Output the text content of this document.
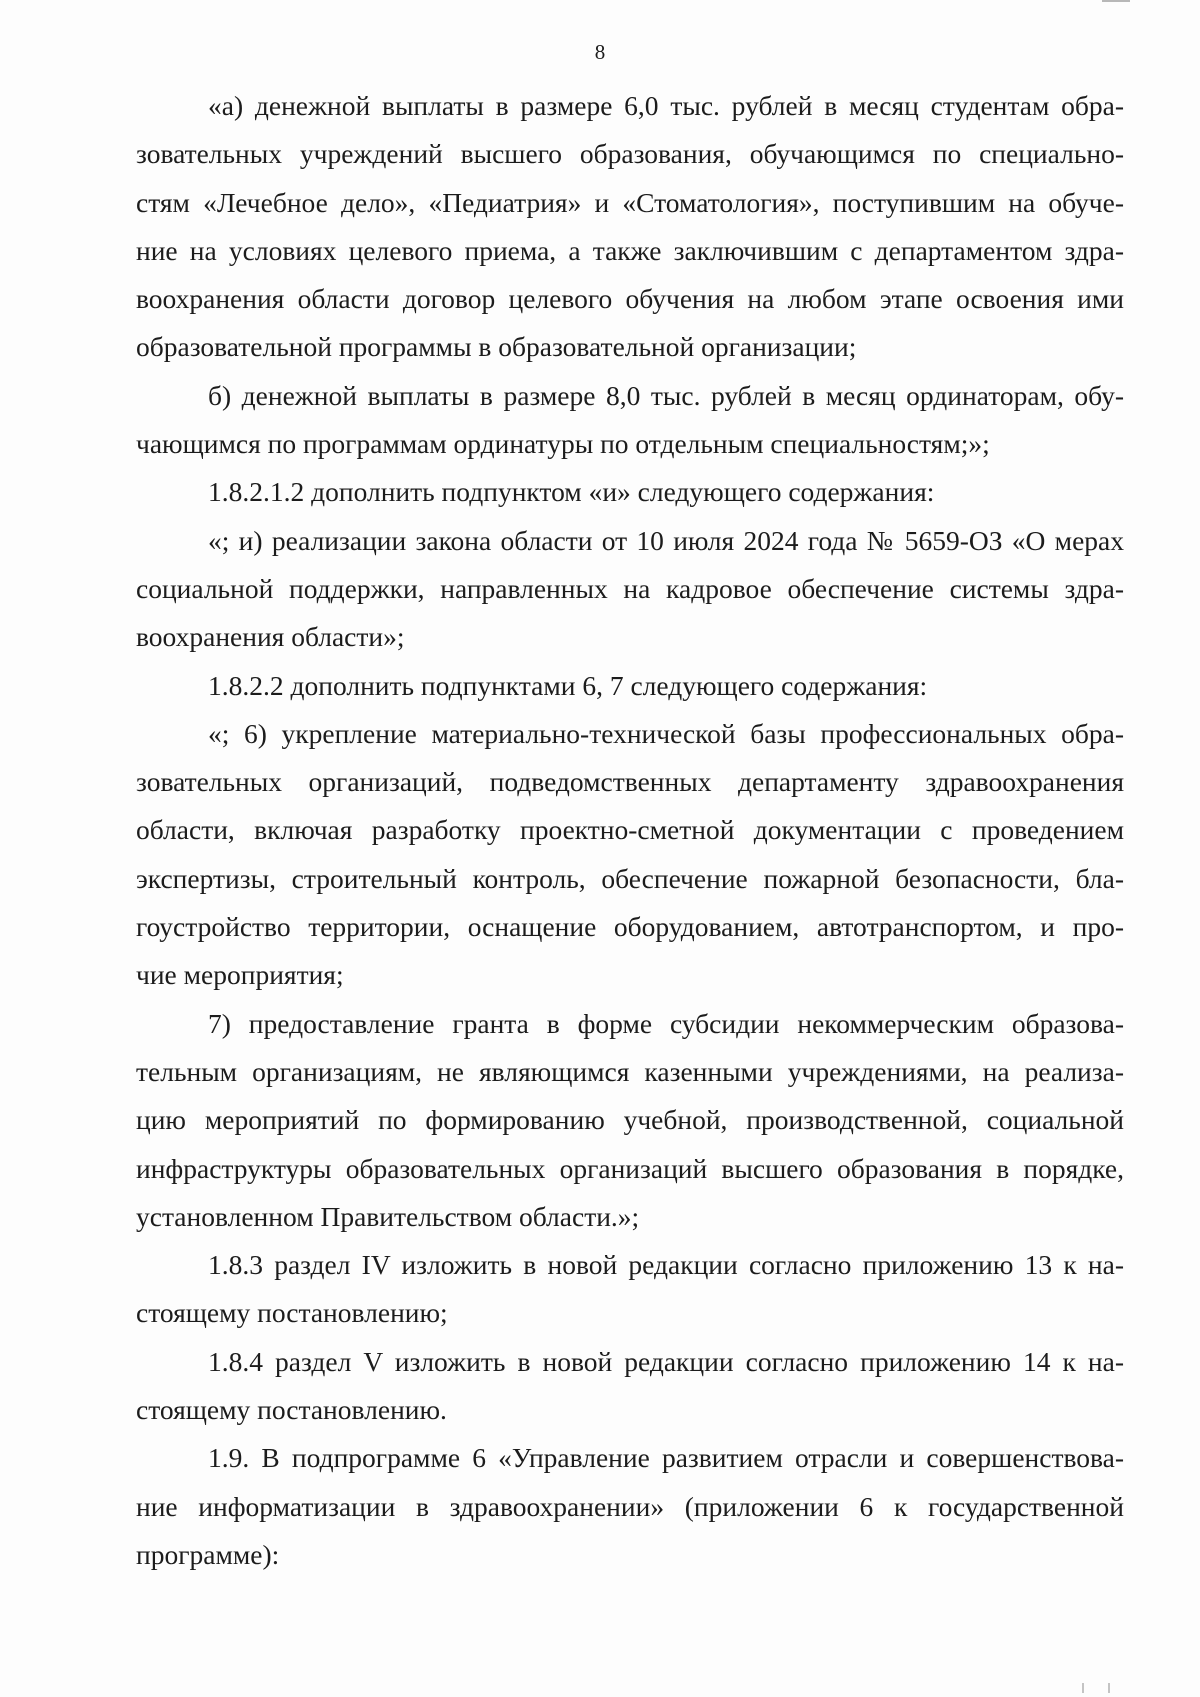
8
«а) денежной выплаты в размере 6,0 тыс. рублей в месяц студентам обра-
зовательных учреждений высшего образования, обучающимся по специально-
стям «Лечебное дело», «Педиатрия» и «Стоматология», поступившим на обуче-
ние на условиях целевого приема, а также заключившим с департаментом здра-
воохранения области договор целевого обучения на любом этапе освоения ими
образовательной программы в образовательной организации;
б) денежной выплаты в размере 8,0 тыс. рублей в месяц ординаторам, обу-
чающимся по программам ординатуры по отдельным специальностям;»;
1.8.2.1.2 дополнить подпунктом «и» следующего содержания:
«; и) реализации закона области от 10 июля 2024 года № 5659-ОЗ «О мерах
социальной поддержки, направленных на кадровое обеспечение системы здра-
воохранения области»;
1.8.2.2 дополнить подпунктами 6, 7 следующего содержания:
«; 6) укрепление материально-технической базы профессиональных обра-
зовательных организаций, подведомственных департаменту здравоохранения
области, включая разработку проектно-сметной документации с проведением
экспертизы, строительный контроль, обеспечение пожарной безопасности, бла-
гоустройство территории, оснащение оборудованием, автотранспортом, и про-
чие мероприятия;
7) предоставление гранта в форме субсидии некоммерческим образова-
тельным организациям, не являющимся казенными учреждениями, на реализа-
цию мероприятий по формированию учебной, производственной, социальной
инфраструктуры образовательных организаций высшего образования в порядке,
установленном Правительством области.»;
1.8.3 раздел IV изложить в новой редакции согласно приложению 13 к на-
стоящему постановлению;
1.8.4 раздел V изложить в новой редакции согласно приложению 14 к на-
стоящему постановлению.
1.9. В подпрограмме 6 «Управление развитием отрасли и совершенствова-
ние информатизации в здравоохранении» (приложении 6 к государственной
программе):
